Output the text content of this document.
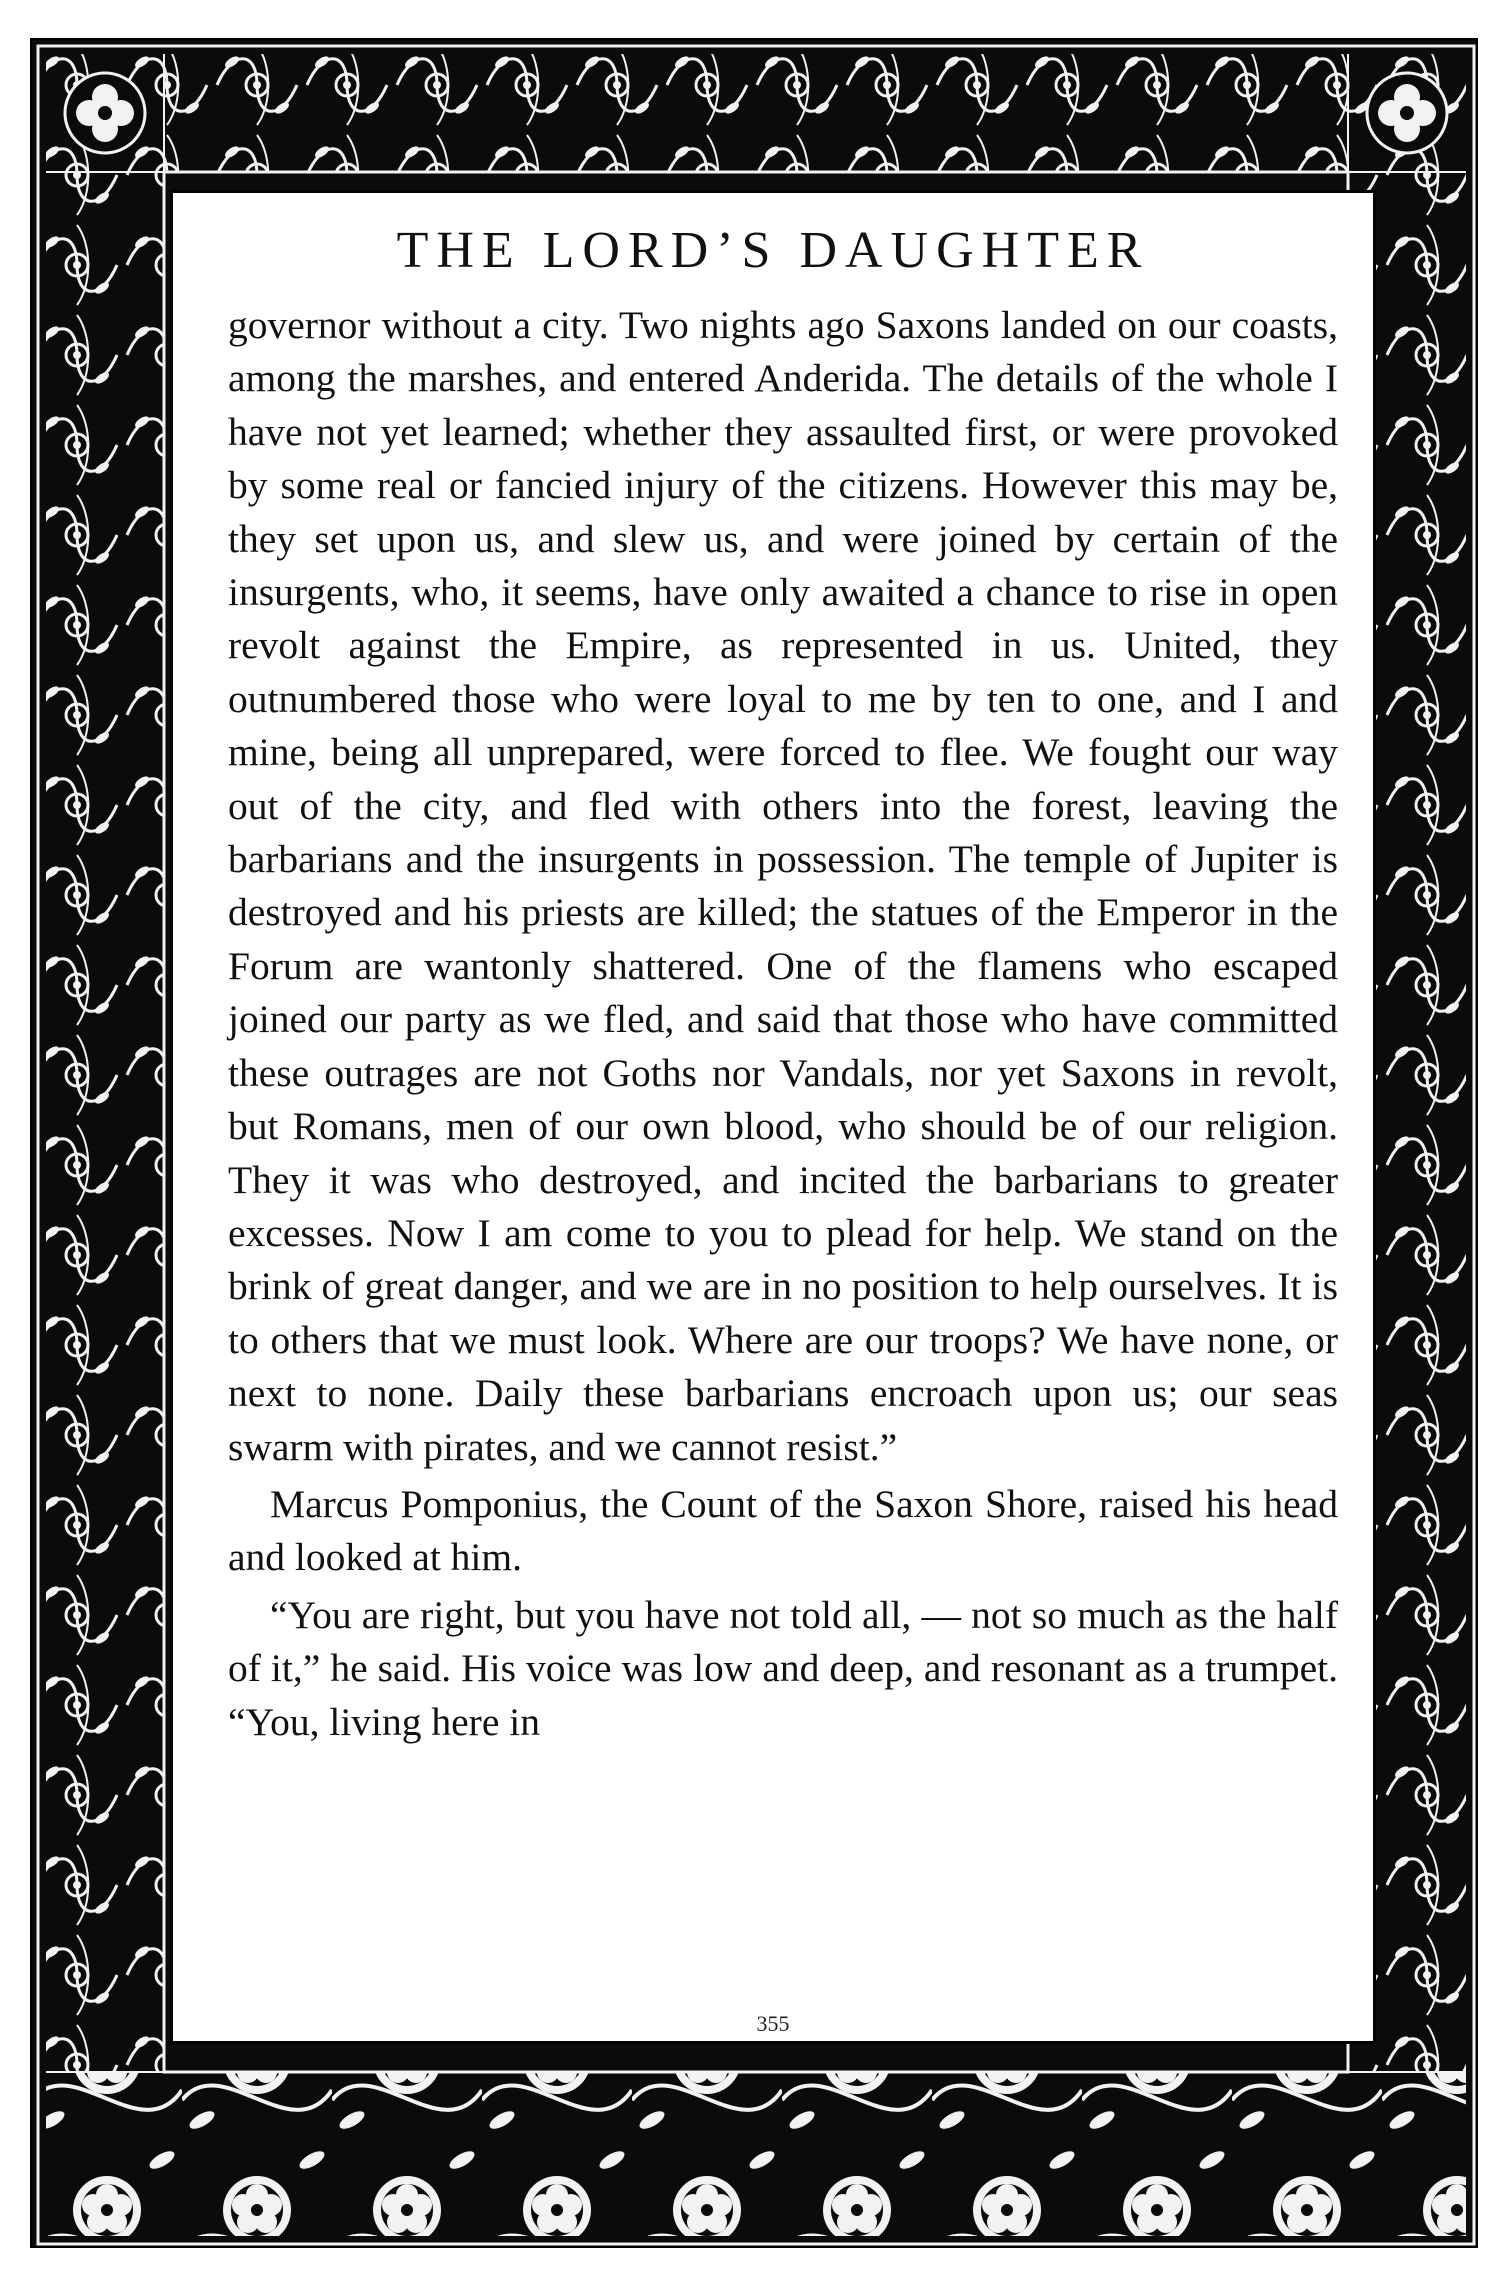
THE LORD’S DAUGHTER

governor without a city. Two nights ago Saxons landed on our coasts, among the marshes, and entered Anderida. The details of the whole I have not yet learned; whether they assaulted first, or were provoked by some real or fancied injury of the citizens. However this may be, they set upon us, and slew us, and were joined by certain of the insurgents, who, it seems, have only awaited a chance to rise in open revolt against the Empire, as represented in us. United, they outnumbered those who were loyal to me by ten to one, and I and mine, being all unprepared, were forced to flee. We fought our way out of the city, and fled with others into the forest, leaving the barbarians and the insurgents in possession. The temple of Jupiter is destroyed and his priests are killed; the statues of the Emperor in the Forum are wantonly shattered. One of the flamens who escaped joined our party as we fled, and said that those who have committed these outrages are not Goths nor Vandals, nor yet Saxons in revolt, but Romans, men of our own blood, who should be of our religion. They it was who destroyed, and incited the barbarians to greater excesses. Now I am come to you to plead for help. We stand on the brink of great danger, and we are in no position to help ourselves. It is to others that we must look. Where are our troops? We have none, or next to none. Daily these barbarians encroach upon us; our seas swarm with pirates, and we cannot resist.”

Marcus Pomponius, the Count of the Saxon Shore, raised his head and looked at him.

“You are right, but you have not told all, — not so much as the half of it,” he said. His voice was low and deep, and resonant as a trumpet. “You, living here in

355
